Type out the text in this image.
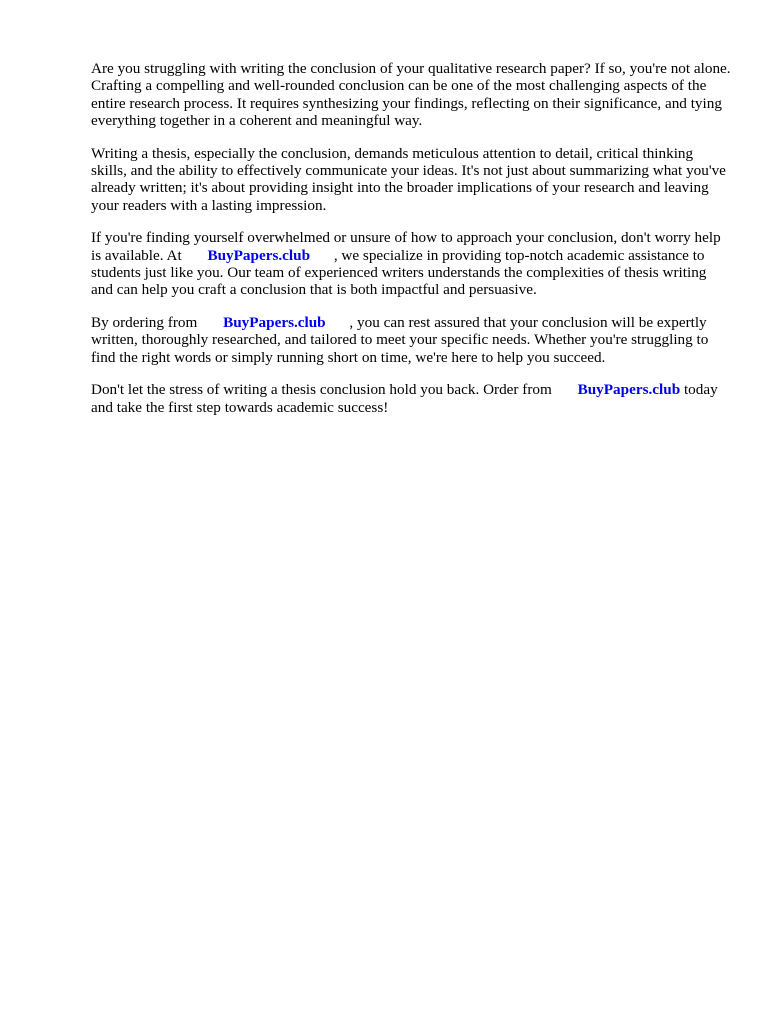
Are you struggling with writing the conclusion of your qualitative research paper? If so, you're not alone. Crafting a compelling and well-rounded conclusion can be one of the most challenging aspects of the entire research process. It requires synthesizing your findings, reflecting on their significance, and tying everything together in a coherent and meaningful way.

Writing a thesis, especially the conclusion, demands meticulous attention to detail, critical thinking skills, and the ability to effectively communicate your ideas. It's not just about summarizing what you've already written; it's about providing insight into the broader implications of your research and leaving your readers with a lasting impression.

If you're finding yourself overwhelmed or unsure of how to approach your conclusion, don't worry help is available. At BuyPapers.club , we specialize in providing top-notch academic assistance to students just like you. Our team of experienced writers understands the complexities of thesis writing and can help you craft a conclusion that is both impactful and persuasive.

By ordering from BuyPapers.club , you can rest assured that your conclusion will be expertly written, thoroughly researched, and tailored to meet your specific needs. Whether you're struggling to find the right words or simply running short on time, we're here to help you succeed.

Don't let the stress of writing a thesis conclusion hold you back. Order from BuyPapers.club today and take the first step towards academic success!
